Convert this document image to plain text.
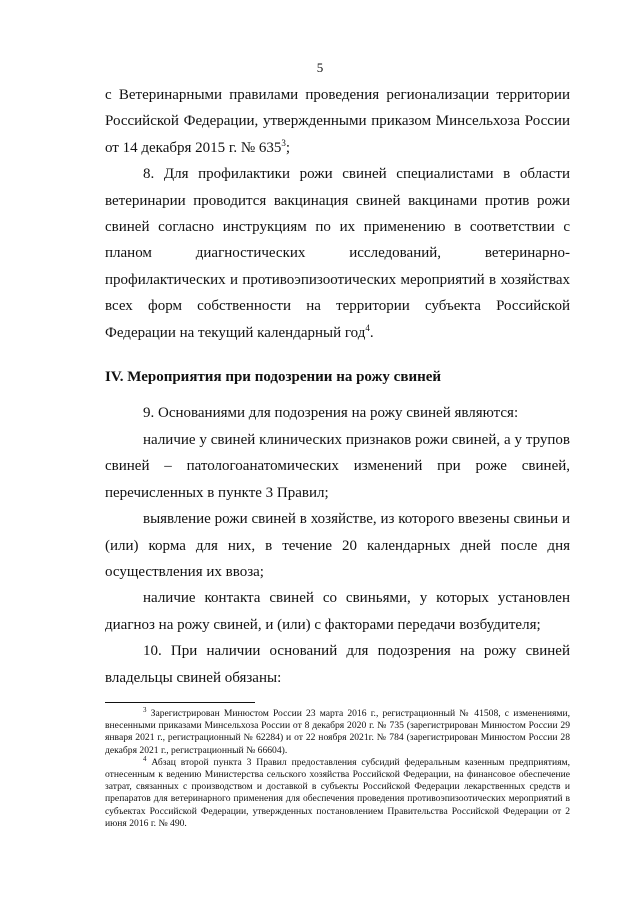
5

с Ветеринарными правилами проведения регионализации территории Российской Федерации, утвержденными приказом Минсельхоза России от 14 декабря 2015 г. № $635^3$;

8. Для профилактики рожи свиней специалистами в области ветеринарии проводится вакцинация свиней вакцинами против рожи свиней согласно инструкциям по их применению в соответствии с планом диагностических исследований, ветеринарно-профилактических и противоэпизоотических мероприятий в хозяйствах всех форм собственности на территории субъекта Российской Федерации на текущий календарный год$^4$.

IV. Мероприятия при подозрении на рожу свиней

9. Основаниями для подозрения на рожу свиней являются:

наличие у свиней клинических признаков рожи свиней, а у трупов свиней – патологоанатомических изменений при роже свиней, перечисленных в пункте 3 Правил;

выявление рожи свиней в хозяйстве, из которого ввезены свиньи и (или) корма для них, в течение 20 календарных дней после дня осуществления их ввоза;

наличие контакта свиней со свиньями, у которых установлен диагноз на рожу свиней, и (или) с факторами передачи возбудителя;

10. При наличии оснований для подозрения на рожу свиней владельцы свиней обязаны:

$^3$ Зарегистрирован Минюстом России 23 марта 2016 г., регистрационный № 41508, с изменениями, внесенными приказами Минсельхоза России от 8 декабря 2020 г. № 735 (зарегистрирован Минюстом России 29 января 2021 г., регистрационный № 62284) и от 22 ноября 2021г. № 784 (зарегистрирован Минюстом России 28 декабря 2021 г., регистрационный № 66604).

$^4$ Абзац второй пункта 3 Правил предоставления субсидий федеральным казенным предприятиям, отнесенным к ведению Министерства сельского хозяйства Российской Федерации, на финансовое обеспечение затрат, связанных с производством и доставкой в субъекты Российской Федерации лекарственных средств и препаратов для ветеринарного применения для обеспечения проведения противоэпизоотических мероприятий в субъектах Российской Федерации, утвержденных постановлением Правительства Российской Федерации от 2 июня 2016 г. № 490.
